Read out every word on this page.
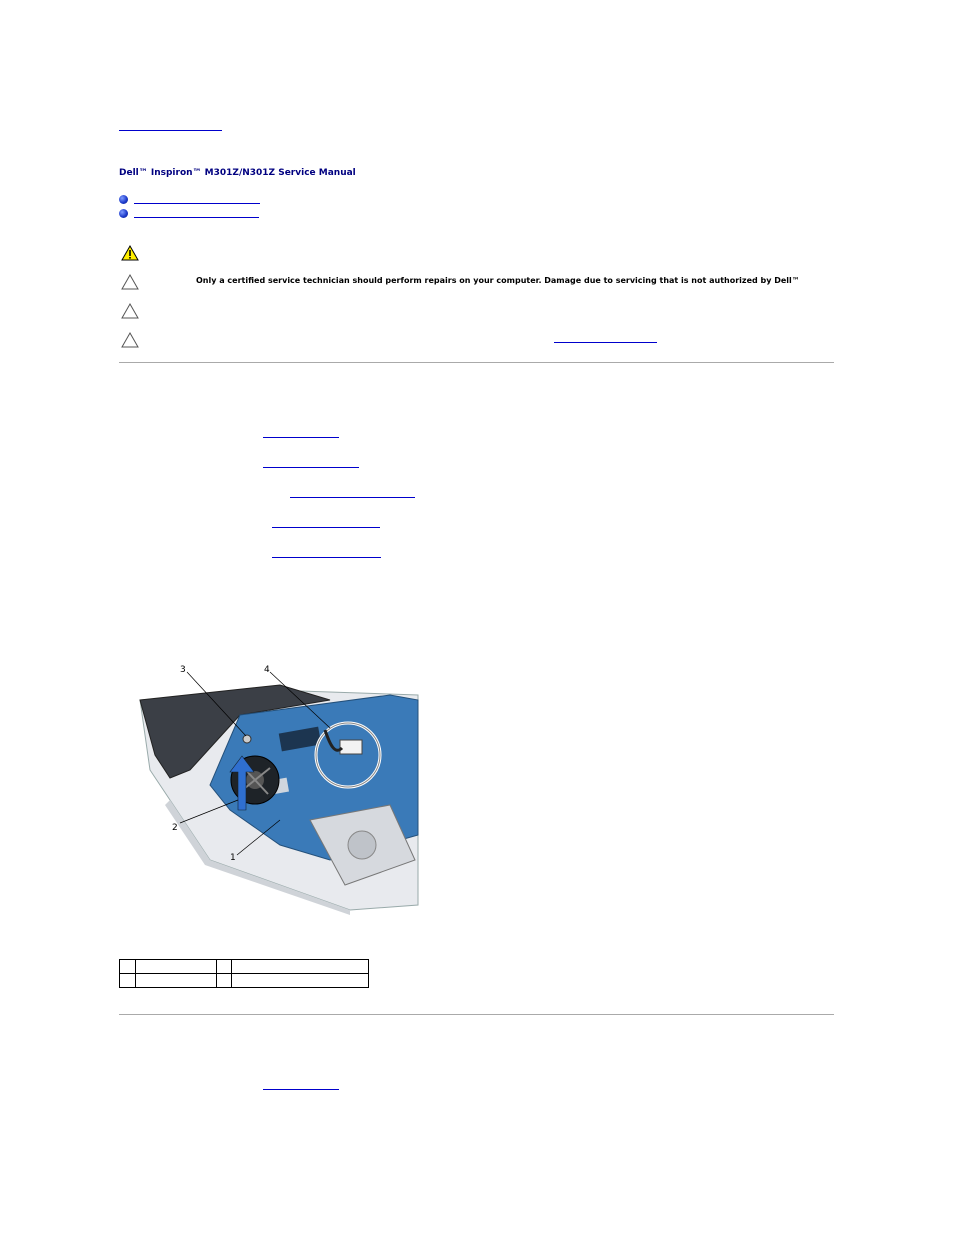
Dell™ Inspiron™ M301Z/N301Z Service Manual
Only a certified service technician should perform repairs on your computer. Damage due to servicing that is not authorized by Dell™
3	4
2
1
